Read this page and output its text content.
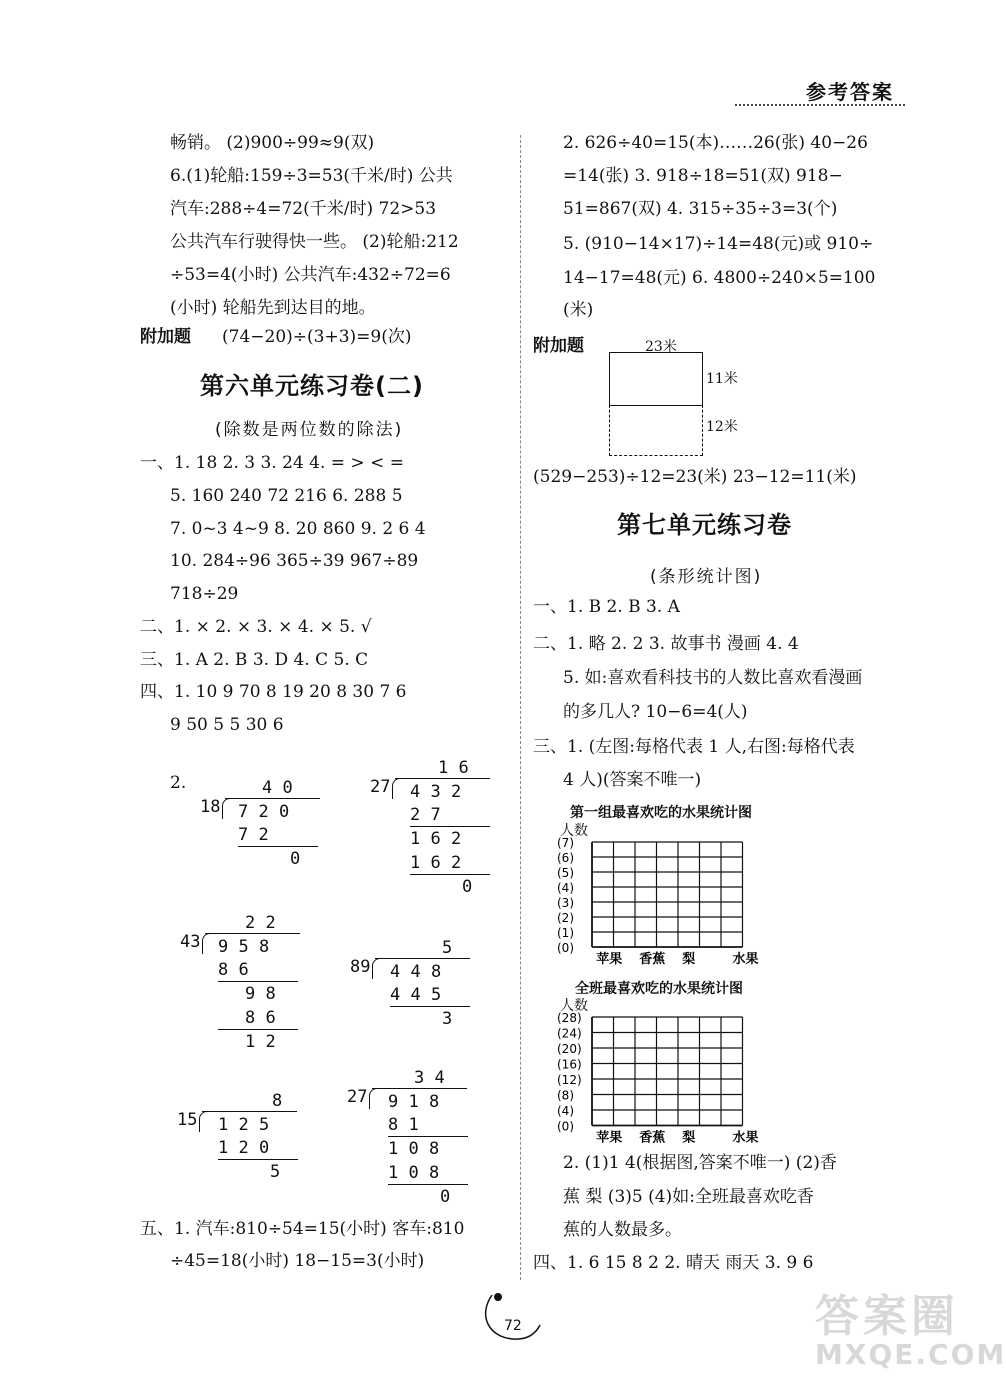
参考答案
畅销。 (2)900÷99≈9(双)
6.(1)轮船:159÷3=53(千米/时) 公共
汽车:288÷4=72(千米/时) 72>53
公共汽车行驶得快一些。 (2)轮船:212
÷53=4(小时) 公共汽车:432÷72=6
(小时) 轮船先到达目的地。
附加题 (74−20)÷(3+3)=9(次)
第六单元练习卷(二)
(除数是两位数的除法)
一、1. 18 2. 3 3. 24 4. = > < =
5. 160 240 72 216 6. 288 5
7. 0~3 4~9 8. 20 860 9. 2 6 4
10. 284÷96 365÷39 967÷89
718÷29
二、1. × 2. × 3. × 4. × 5. √
三、1. A 2. B 3. D 4. C 5. C
四、1. 10 9 70 8 19 20 8 30 7 6
9 50 5 5 30 6
2.	4 0
18 7 2 0
7 2
0
1 6
27 4 3 2
2 7
1 6 2
1 6 2
0
2 2
43 9 5 8
8 6
9 8
8 6
1 2
5
89 4 4 8
4 4 5
3
8
15 1 2 5
1 2 0
5
3 4
27 9 1 8
8 1
1 0 8
1 0 8
0
五、1. 汽车:810÷54=15(小时) 客车:810
÷45=18(小时) 18−15=3(小时)
2. 626÷40=15(本)……26(张) 40−26
=14(张) 3. 918÷18=51(双) 918−
51=867(双) 4. 315÷35÷3=3(个)
5. (910−14×17)÷14=48(元)或 910÷
14−17=48(元) 6. 4800÷240×5=100
(米)
附加题	23米
11米
12米
(529−253)÷12=23(米) 23−12=11(米)
第七单元练习卷
(条形统计图)
一、1. B 2. B 3. A
二、1. 略 2. 2 3. 故事书 漫画 4. 4
5. 如:喜欢看科技书的人数比喜欢看漫画
的多几人? 10−6=4(人)
三、1. (左图:每格代表 1 人,右图:每格代表
4 人)(答案不唯一)
第一组最喜欢吃的水果统计图
人数
(7)
(6)
(5)
(4)
(3)
(2)
(1)
(0)
苹果 香蕉 梨	水果
全班最喜欢吃的水果统计图
人数
(28)
(24)
(20)
(16)
(12)
(8)
(4)
(0)
苹果 香蕉 梨	水果
2. (1)1 4(根据图,答案不唯一) (2)香
蕉 梨 (3)5 (4)如:全班最喜欢吃香
蕉的人数最多。
四、1. 6 15 8 2 2. 晴天 雨天 3. 9 6
72	答案圈
MXQE.COM
